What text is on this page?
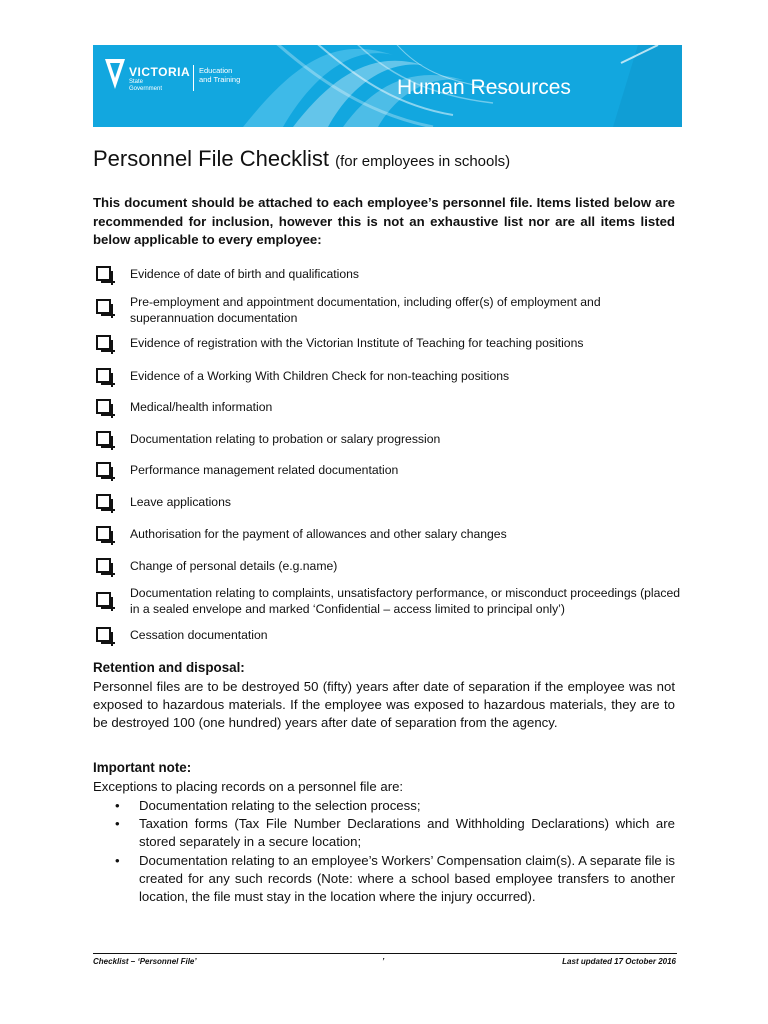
VICTORIA
State
Government
Education
and Training	Human Resources
Personnel File Checklist (for employees in schools)
This document should be attached to each employee’s personnel file. Items listed below are recommended for inclusion, however this is not an exhaustive list nor are all items listed below applicable to every employee:
Evidence of date of birth and qualifications
Pre-employment and appointment documentation, including offer(s) of employment and superannuation documentation
Evidence of registration with the Victorian Institute of Teaching for teaching positions
Evidence of a Working With Children Check for non-teaching positions
Medical/health information
Documentation relating to probation or salary progression
Performance management related documentation
Leave applications
Authorisation for the payment of allowances and other salary changes
Change of personal details (e.g.name)
Documentation relating to complaints, unsatisfactory performance, or misconduct proceedings (placed in a sealed envelope and marked ‘Confidential – access limited to principal only’)
Cessation documentation
Retention and disposal:
Personnel files are to be destroyed 50 (fifty) years after date of separation if the employee was not exposed to hazardous materials. If the employee was exposed to hazardous materials, they are to be destroyed 100 (one hundred) years after date of separation from the agency.
Important note:
Exceptions to placing records on a personnel file are:
• Documentation relating to the selection process;
• Taxation forms (Tax File Number Declarations and Withholding Declarations) which are stored separately in a secure location;
• Documentation relating to an employee’s Workers’ Compensation claim(s). A separate file is created for any such records (Note: where a school based employee transfers to another location, the file must stay in the location where the injury occurred).
Checklist – ‘Personnel File’	’	Last updated 17 October 2016
